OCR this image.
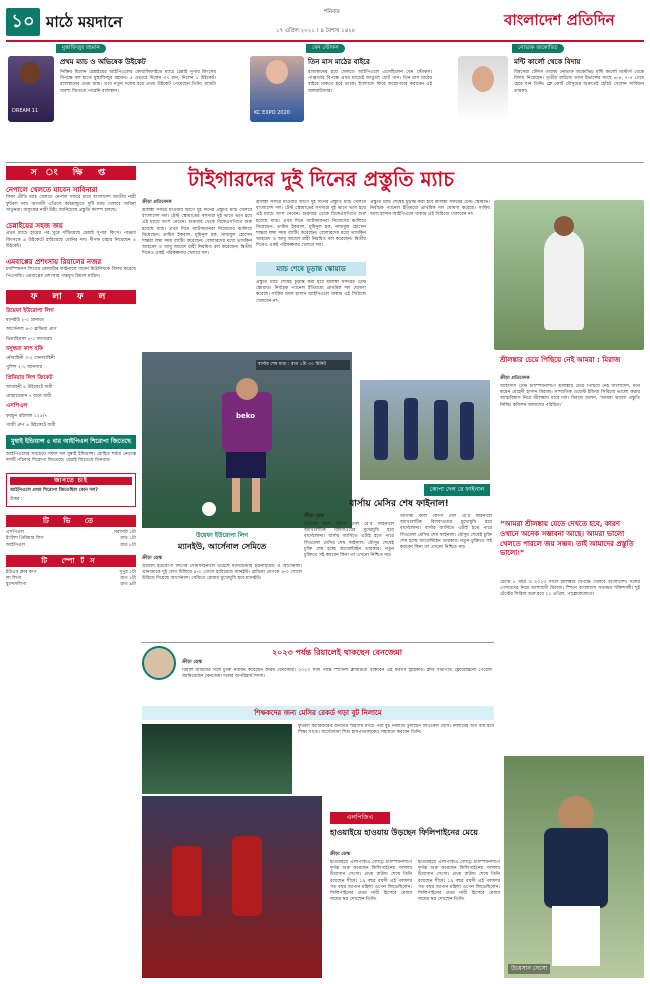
১০ মাঠে ময়দানে
শনিবার
১৭ এপ্রিল ২০২১ । ৪ বৈশাখ ১৪২৮
বাংলাদেশ প্রতিদিন
মুস্তাফিজুর রহমান
DREAM 11
প্রথম ম্যাচ ও অভিষেক উইকেট
নিষ্ক্রিয় ছিলেন চেন্নাইয়ের আইপিএলের কোয়ালিফাইডে ম্যাচে চেন্নাই সুপার কিংসের বিপক্ষে বল হাতে মুস্তাফিজুর রহমান। ৪ ওভারে দিলেন ৩৭ রান, নিলেন ১ উইকেট। রাজস্থানের প্রথম ম্যাচ। তবে নতুন দলের হয়ে প্রথম উইকেট পেয়েছেন তিনি। ম্যাচটা অবশ্য জিততে পারেনি রাজস্থান।
বেন স্টোকস
KC EXPO 2020
তিন মাস মাঠের বাইরে
রাজস্থানের হয়ে খেলতে আইপিএলে এসেছিলেন বেন স্টোকস। পাঞ্জাবের বিপক্ষে প্রথম ম্যাচেই আঙুলে চোট পান। তিন মাস মাঠের বাইরে থাকতে হবে তাকে। ইংল্যান্ডে ফিরে অস্ত্রোপচার করাবেন এই অলরাউন্ডার।
নোভাক জকোভিচ
মন্টি কার্লো থেকে বিদায়
বিশ্বসেরা টেনিস তারকা নোভাক জকোভিচ মন্টি কার্লো মাস্টার্স থেকে বিদায় নিয়েছেন। তৃতীয় রাউন্ডে ড্যান ইভান্সের কাছে ৬-৪, ৭-৫ গেমে হেরে যান তিনি। ক্লে কোর্ট মৌসুমের শুরুতেই হোঁচট খেলেন সার্বিয়ান তারকা।
স ং ক্ষি প্ত
নেপালে খেলতে যাবেন সাবিনারা
ফিফা প্রীতি ম্যাচ খেলতে নেপাল সফরে যাবে বাংলাদেশ জাতীয় নারী ফুটবল দল। আগামী এপ্রিলে কাঠমান্ডুতে দুটি ম্যাচ খেলবে সাবিনা খাতুনরা। বাফুফের নারী উইং জানিয়েছে প্রস্তুতি ক্যাম্প চলছে।
চেন্নাইয়ের সহজ জয়
প্রথম ম্যাচে হারের পর ঘুরে দাঁড়িয়েছে চেন্নাই সুপার কিংস। পাঞ্জাব কিংসকে ৬ উইকেটে হারিয়েছে ধোনির দল। দীপক চাহার নিয়েছেন ৪ উইকেট।
এমবাপ্পের প্রশংসায় রিয়ালের নজর
চ্যাম্পিয়নস লিগের কোয়ার্টার ফাইনালে বায়ার্ন মিউনিখকে বিদায় করেছে পিএসজি। এমবাপ্পের প্রশংসায় পঞ্চমুখ রিয়াল মাদ্রিদ।
ফ লা ফ ল
উয়েফা ইউরোপা লিগ
ম্যানইউ ২-০ গ্রানাডা
আর্সেনাল ৪-০ স্লাভিয়া প্রাগ
ভিয়ারিয়াল ২-১ জাগরেব
বসুন্ধরা কাপ হকি
নৌবাহিনী ৩-২ সেনাবাহিনী
পুলিশ ২-১ আনসার
প্রিমিয়ার লিগ ক্রিকেট
আবাহনী ৫ উইকেটে জয়ী
মোহামেডান ৭ রানে জয়ী
এসপিএল
ফরচুন বরিশাল ১২৫/৭
গাজী গ্রুপ ৪ উইকেটে জয়ী
মুম্বাই ইন্ডিয়ান্স ৫ বার আইপিএল শিরোপা জিতেছে
আইপিএলের সবচেয়ে সফল দল মুম্বাই ইন্ডিয়ান্স। রোহিত শর্মার নেতৃত্বে দলটি পাঁচবার শিরোপা জিতেছে। চেন্নাই জিতেছে তিনবার।
জানতে চাই
আইপিএলে প্রথম শিরোপা জিতেছিল কোন দল?
উত্তর :
টি ভি তে
এসপিএল	সরাসরি ১টা
ইংলিশ প্রিমিয়ার লিগ	রাত ১টা
আইপিএল	রাত ৮টা
টি স্পোর্টস
ইউএস ক্লাব কাপ	দুপুর ২টা
লা লিগা	রাত ১টা
বুন্দেসলিগা	রাত ৯টা
টাইগারদের দুই দিনের প্রস্তুতি ম্যাচ
ক্রীড়া প্রতিবেদক
শ্রীলঙ্কা সফরে যাওয়ার আগে দুই দিনের প্রস্তুতি ম্যাচ খেলবে বাংলাদেশ দল। টেস্ট স্কোয়াডের সদস্যরা দুই ভাগে ভাগ হয়ে এই ম্যাচে অংশ নেবেন। শুক্রবার থেকে বিকেএসপিতে শুরু হয়েছে ম্যাচ। প্রথম দিনে ব্যাটসম্যানরা নিজেদের ঝালিয়ে নিয়েছেন। তামিম ইকবাল, মুমিনুল হক, নাজমুল হোসেন শান্তরা লম্বা সময় ব্যাটিং করেছেন। বোলারদের মধ্যে তাসকিন আহমেদ ও আবু জায়েদ রাহী নিয়মিত বল করেছেন। দ্বিতীয় দিনেও একই পরিকল্পনায় খেলবে দল।
শ্রীলঙ্কা সফরে যাওয়ার আগে দুই দিনের প্রস্তুতি ম্যাচ খেলবে বাংলাদেশ দল। টেস্ট স্কোয়াডের সদস্যরা দুই ভাগে ভাগ হয়ে এই ম্যাচে অংশ নেবেন। শুক্রবার থেকে বিকেএসপিতে শুরু হয়েছে ম্যাচ। প্রথম দিনে ব্যাটসম্যানরা নিজেদের ঝালিয়ে নিয়েছেন। তামিম ইকবাল, মুমিনুল হক, নাজমুল হোসেন শান্তরা লম্বা সময় ব্যাটিং করেছেন। বোলারদের মধ্যে তাসকিন আহমেদ ও আবু জায়েদ রাহী নিয়মিত বল করেছেন। দ্বিতীয় দিনেও একই পরিকল্পনায় খেলবে দল।
প্রস্তুতি ম্যাচ শেষেই চূড়ান্ত করা হবে শ্রীলঙ্কা সফরের টেস্ট স্কোয়াড। নির্বাচক প্যানেল ইতিমধ্যে প্রাথমিক দল ঘোষণা করেছে। সাকিব আল হাসান আইপিএলে থাকায় এই সিরিজে খেলবেন না।
ম্যাচ শেষে চূড়ান্ত স্কোয়াড
প্রস্তুতি ম্যাচ শেষেই চূড়ান্ত করা হবে শ্রীলঙ্কা সফরের টেস্ট স্কোয়াড। নির্বাচক প্যানেল ইতিমধ্যে প্রাথমিক দল ঘোষণা করেছে। সাকিব আল হাসান আইপিএলে থাকায় এই সিরিজে খেলবেন না।
শ্রীলঙ্কার চেয়ে পিছিয়ে নেই আমরা : মিরাজ
ক্রীড়া প্রতিবেদক
আইসিসি টেস্ট চ্যাম্পিয়নশিপে শ্রীলঙ্কার চেয়ে পিছিয়ে নেই বাংলাদেশ, মনে করেন মেহেদী হাসান মিরাজ। সাম্প্রতিক ওয়েস্ট ইন্ডিজ সিরিজে ভালো করার আত্মবিশ্বাস নিয়ে শ্রীলঙ্কায় যাবে দল। মিরাজ বলেন, ‘আমরা ভালো প্রস্তুতি নিচ্ছি। কন্ডিশন আমাদের পরিচিত।’
“আমরা শ্রীলঙ্কায় যেতে দেখতে হবে, কারণ ওখানে অনেক সম্ভাবনা আছে। আমরা ভালো খেলতে পারলে জয় সম্ভব। তাই আমাদের প্রস্তুতি ভালো।”
টেস্টে ৮ বছর ও ২০২৩ সালে শ্রীলঙ্কার বিপক্ষে খেলবে বাংলাদেশ। দলের পেসারদের নিয়ে আশাবাদী মিরাজ। স্পিনে বাংলাদেশ সবসময় শক্তিশালী। দুই টেস্টের সিরিজ শুরু হবে ২১ এপ্রিল, পাল্লেকেলেতে।
beko
বার্সার শেষ ম্যাচ : রাত ১টা ৩০ মিনিট
কোপা দেল রে ফাইনাল
বার্সায় মেসির শেষ ফাইনাল!
ক্রীড়া ডেস্ক
আগামী কাল কোপা দেল রে’র ফাইনালে অ্যাথলেটিক বিলবাওয়ের মুখোমুখি হবে বার্সেলোনা। বার্সার জার্সিতে এটাই হতে পারে লিওনেল মেসির শেষ ফাইনাল। মৌসুম শেষেই চুক্তি শেষ হচ্ছে আর্জেন্টাইন তারকার। নতুন চুক্তিতে সই করবেন কিনা তা এখনো নিশ্চিত নয়।
আগামী কাল কোপা দেল রে’র ফাইনালে অ্যাথলেটিক বিলবাওয়ের মুখোমুখি হবে বার্সেলোনা। বার্সার জার্সিতে এটাই হতে পারে লিওনেল মেসির শেষ ফাইনাল। মৌসুম শেষেই চুক্তি শেষ হচ্ছে আর্জেন্টাইন তারকার। নতুন চুক্তিতে সই করবেন কিনা তা এখনো নিশ্চিত নয়।
উয়েফা ইউরোপা লিগ
ম্যানইউ, আর্সেনাল সেমিতে
ক্রীড়া ডেস্ক
উয়েফা ইউরোপা লিগের সেমিফাইনালে উঠেছে ম্যানচেস্টার ইউনাইটেড ও আর্সেনাল। গ্রানাডাকে দুই লেগ মিলিয়ে ৪-০ গোলে হারিয়েছে ম্যানইউ। স্লাভিয়া প্রাগকে ৪-০ গোলে উড়িয়ে দিয়েছে আর্সেনাল। সেমিতে রোমার মুখোমুখি হবে ম্যানইউ।
২০২৩ পর্যন্ত রিয়ালেই থাকছেন বেনজেমা
ক্রীড়া ডেস্ক
রিয়াল মাদ্রিদের সঙ্গে চুক্তি নবায়ন করেছেন করিম বেনজেমা। ২০২৩ সাল পর্যন্ত স্প্যানিশ ক্লাবটিতে থাকবেন এই ফরাসি স্ট্রাইকার। ক্লাব সভাপতি ফ্লোরেন্তিনো পেরেজ জানিয়েছেন বেনজেমা দলের অপরিহার্য সদস্য।
শিক্ষকদের জন্য মেসির রেকর্ড গড়া বুট নিলামে
ফুটবল ক্যারিয়ারের অন্যতম স্মরণীয় ম্যাচে পরা বুট নিলামে তুলছেন লিওনেল মেসি। নিলামের অর্থ ব্যয় হবে শিক্ষা খাতে। বার্সেলোনা শিশু হাসপাতালকেও সহায়তা করবেন তিনি।
এলপিজিএ
হাওয়াইয়ে হাওয়ায় উড়ছেন ফিলিপাইনের মেয়ে
ক্রীড়া ডেস্ক
হাওয়াইয়ে এলপিজিএ লোট্টে চ্যাম্পিয়নশিপে দুর্দান্ত শুরু করেছেন ফিলিপাইনের গলফার উয়েসান সেসো। প্রথম রাউন্ড শেষে তিনি রয়েছেন শীর্ষে। ১৯ বছর বয়সী এই গলফার গত বছর জাপান মহিলা ওপেন জিতেছিলেন। ফিলিপাইনের প্রথম নারী হিসেবে মেজর জয়ের স্বপ্ন দেখছেন তিনি।
হাওয়াইয়ে এলপিজিএ লোট্টে চ্যাম্পিয়নশিপে দুর্দান্ত শুরু করেছেন ফিলিপাইনের গলফার উয়েসান সেসো। প্রথম রাউন্ড শেষে তিনি রয়েছেন শীর্ষে। ১৯ বছর বয়সী এই গলফার গত বছর জাপান মহিলা ওপেন জিতেছিলেন। ফিলিপাইনের প্রথম নারী হিসেবে মেজর জয়ের স্বপ্ন দেখছেন তিনি।
উয়েসান সেসো
